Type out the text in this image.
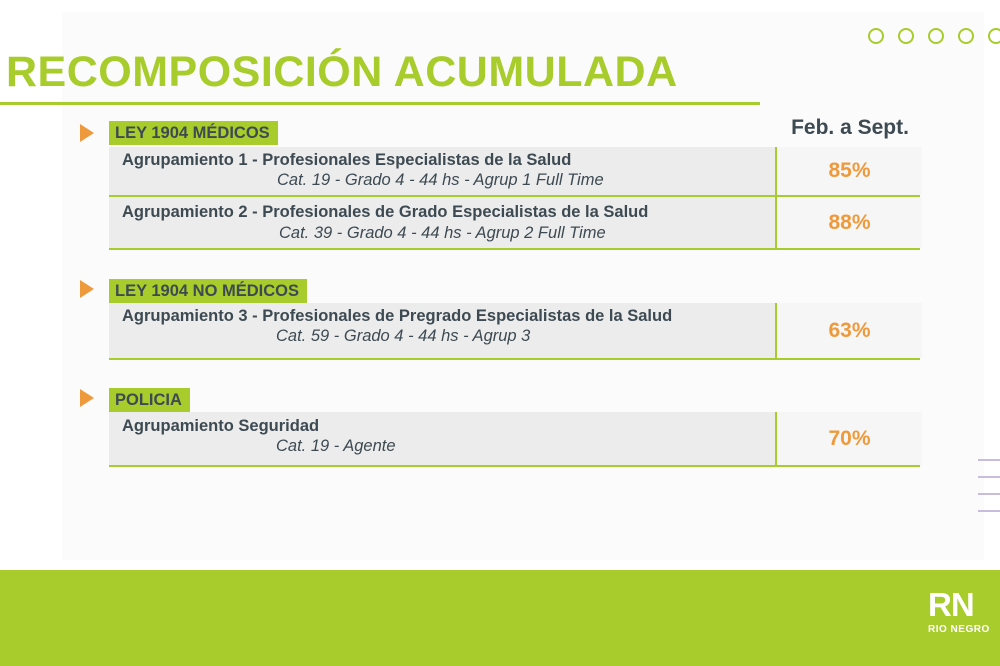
RECOMPOSICIÓN ACUMULADA
Feb. a Sept.
LEY 1904 MÉDICOS
Agrupamiento 1 - Profesionales Especialistas de la Salud
Cat. 19 - Grado 4 - 44 hs - Agrup 1 Full Time	85%
Agrupamiento 2 - Profesionales de Grado Especialistas de la Salud
Cat. 39 - Grado 4 - 44 hs - Agrup 2 Full Time	88%
LEY 1904 NO MÉDICOS
Agrupamiento 3 - Profesionales de Pregrado Especialistas de la Salud
Cat. 59 - Grado 4 - 44 hs - Agrup 3	63%
POLICIA
Agrupamiento Seguridad
Cat. 19 - Agente	70%
RN
RIO NEGRO
